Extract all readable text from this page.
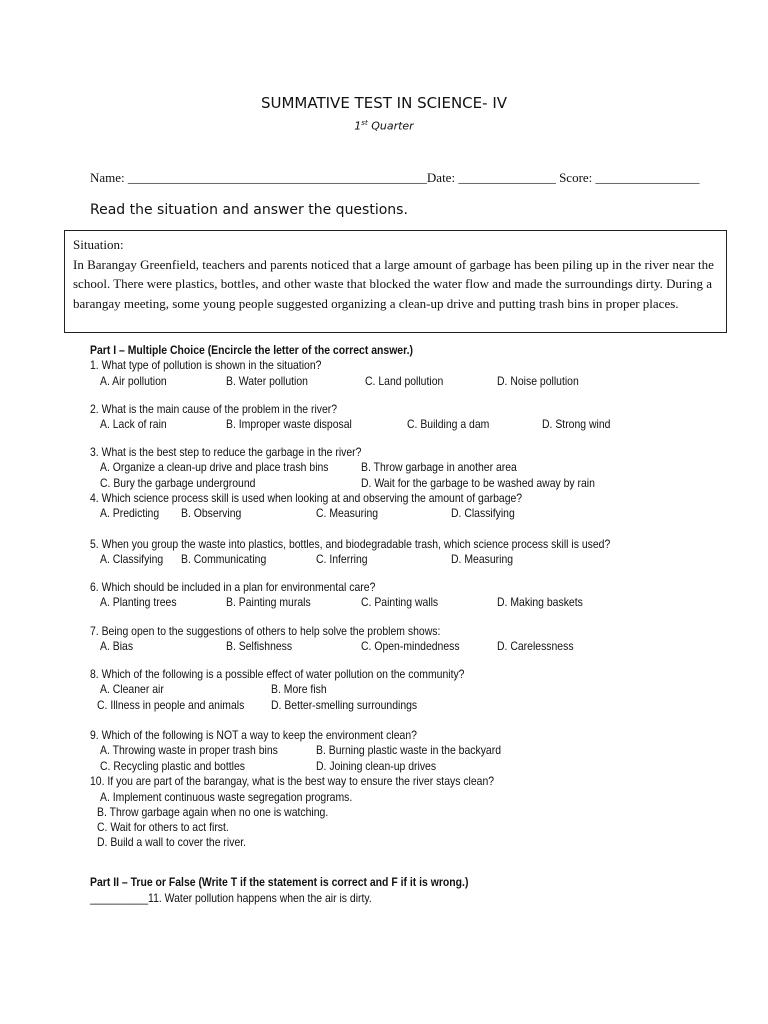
SUMMATIVE TEST IN SCIENCE- IV
1st Quarter
Name: ______________________________________________Date: _______________ Score: ________________
Read the situation and answer the questions.

Situation:

In Barangay Greenfield, teachers and parents noticed that a large amount of garbage has been piling up in the river near the school. There were plastics, bottles, and other waste that blocked the water flow and made the surroundings dirty. During a barangay meeting, some young people suggested organizing a clean-up drive and putting trash bins in proper places.

Part I – Multiple Choice (Encircle the letter of the correct answer.)
1. What type of pollution is shown in the situation?
A. Air pollution	B. Water pollution	C. Land pollution	D. Noise pollution
2. What is the main cause of the problem in the river?
A. Lack of rain	B. Improper waste disposal	C. Building a dam	D. Strong wind
3. What is the best step to reduce the garbage in the river?
A. Organize a clean-up drive and place trash bins	B. Throw garbage in another area
C. Bury the garbage underground	D. Wait for the garbage to be washed away by rain
4. Which science process skill is used when looking at and observing the amount of garbage?
A. Predicting B. Observing	C. Measuring	D. Classifying
5. When you group the waste into plastics, bottles, and biodegradable trash, which science process skill is used?
A. Classifying B. Communicating	C. Inferring	D. Measuring
6. Which should be included in a plan for environmental care?
A. Planting trees	B. Painting murals	C. Painting walls	D. Making baskets
7. Being open to the suggestions of others to help solve the problem shows:
A. Bias	B. Selfishness	C. Open-mindedness	D. Carelessness
8. Which of the following is a possible effect of water pollution on the community?
A. Cleaner air	B. More fish
C. Illness in people and animals D. Better-smelling surroundings
9. Which of the following is NOT a way to keep the environment clean?
A. Throwing waste in proper trash bins	B. Burning plastic waste in the backyard
C. Recycling plastic and bottles	D. Joining clean-up drives
10. If you are part of the barangay, what is the best way to ensure the river stays clean?
A. Implement continuous waste segregation programs.
B. Throw garbage again when no one is watching.
C. Wait for others to act first.
D. Build a wall to cover the river.
Part II – True or False (Write T if the statement is correct and F if it is wrong.)
__________11. Water pollution happens when the air is dirty.
